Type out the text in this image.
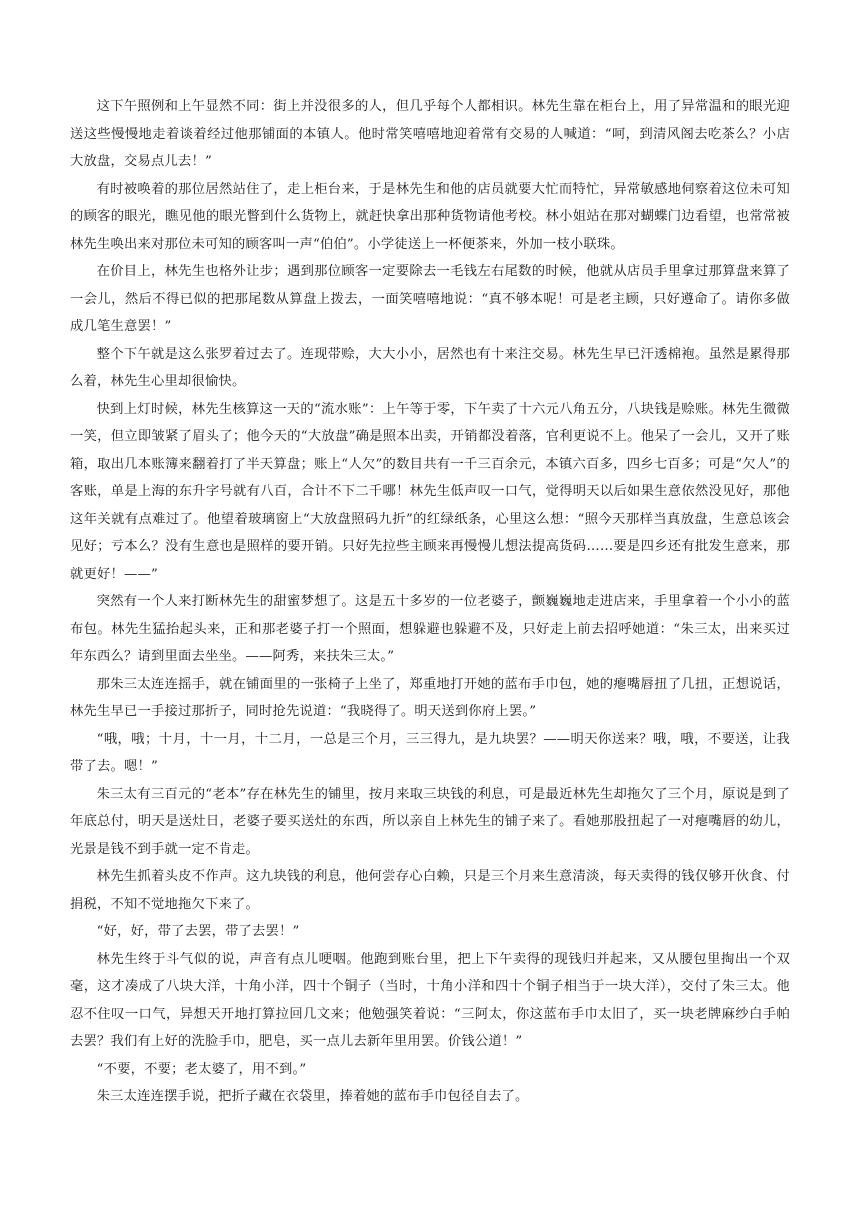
这下午照例和上午显然不同：街上并没很多的人，但几乎每个人都相识。林先生靠在柜台上，用了异常温和的眼光迎送这些慢慢地走着谈着经过他那铺面的本镇人。他时常笑嘻嘻地迎着常有交易的人喊道：“呵，到清风阁去吃茶么？小店大放盘，交易点儿去！”

有时被唤着的那位居然站住了，走上柜台来，于是林先生和他的店员就要大忙而特忙，异常敏感地伺察着这位未可知的顾客的眼光，瞧见他的眼光瞥到什么货物上，就赶快拿出那种货物请他考校。林小姐站在那对蝴蝶门边看望，也常常被林先生唤出来对那位未可知的顾客叫一声“伯伯”。小学徒送上一杯便茶来，外加一枝小联珠。

在价目上，林先生也格外让步；遇到那位顾客一定要除去一毛钱左右尾数的时候，他就从店员手里拿过那算盘来算了一会儿，然后不得已似的把那尾数从算盘上拨去，一面笑嘻嘻地说：“真不够本呢！可是老主顾，只好遵命了。请你多做成几笔生意罢！”

整个下午就是这么张罗着过去了。连现带赊，大大小小，居然也有十来注交易。林先生早已汗透棉袍。虽然是累得那么着，林先生心里却很愉快。

快到上灯时候，林先生核算这一天的“流水账”：上午等于零，下午卖了十六元八角五分，八块钱是赊账。林先生微微一笑，但立即皱紧了眉头了；他今天的“大放盘”确是照本出卖，开销都没着落，官利更说不上。他呆了一会儿，又开了账箱，取出几本账簿来翻着打了半天算盘；账上“人欠”的数目共有一千三百余元，本镇六百多，四乡七百多；可是“欠人”的客账，单是上海的东升字号就有八百，合计不下二千哪！林先生低声叹一口气，觉得明天以后如果生意依然没见好，那他这年关就有点难过了。他望着玻璃窗上“大放盘照码九折”的红绿纸条，心里这么想：“照今天那样当真放盘，生意总该会见好；亏本么？没有生意也是照样的要开销。只好先拉些主顾来再慢慢儿想法提高货码……要是四乡还有批发生意来，那就更好！——”

突然有一个人来打断林先生的甜蜜梦想了。这是五十多岁的一位老婆子，颤巍巍地走进店来，手里拿着一个小小的蓝布包。林先生猛抬起头来，正和那老婆子打一个照面，想躲避也躲避不及，只好走上前去招呼她道：“朱三太，出来买过年东西么？请到里面去坐坐。——阿秀，来扶朱三太。”

那朱三太连连摇手，就在铺面里的一张椅子上坐了，郑重地打开她的蓝布手巾包，她的瘪嘴唇扭了几扭，正想说话，林先生早已一手接过那折子，同时抢先说道：“我晓得了。明天送到你府上罢。”

“哦，哦；十月，十一月，十二月，一总是三个月，三三得九，是九块罢？——明天你送来？哦，哦，不要送，让我带了去。嗯！”

朱三太有三百元的“老本”存在林先生的铺里，按月来取三块钱的利息，可是最近林先生却拖欠了三个月，原说是到了年底总付，明天是送灶日，老婆子要买送灶的东西，所以亲自上林先生的铺子来了。看她那股扭起了一对瘪嘴唇的幼儿，光景是钱不到手就一定不肯走。

林先生抓着头皮不作声。这九块钱的利息，他何尝存心白赖，只是三个月来生意清淡，每天卖得的钱仅够开伙食、付捐税，不知不觉地拖欠下来了。

“好，好，带了去罢，带了去罢！”

林先生终于斗气似的说，声音有点儿哽咽。他跑到账台里，把上下午卖得的现钱归并起来，又从腰包里掏出一个双毫，这才凑成了八块大洋，十角小洋，四十个铜子（当时，十角小洋和四十个铜子相当于一块大洋），交付了朱三太。他忍不住叹一口气，异想天开地打算拉回几文来；他勉强笑着说：“三阿太，你这蓝布手巾太旧了，买一块老牌麻纱白手帕去罢？我们有上好的洗脸手巾，肥皂，买一点儿去新年里用罢。价钱公道！”

“不要，不要；老太婆了，用不到。”

朱三太连连摆手说，把折子藏在衣袋里，捧着她的蓝布手巾包径自去了。
